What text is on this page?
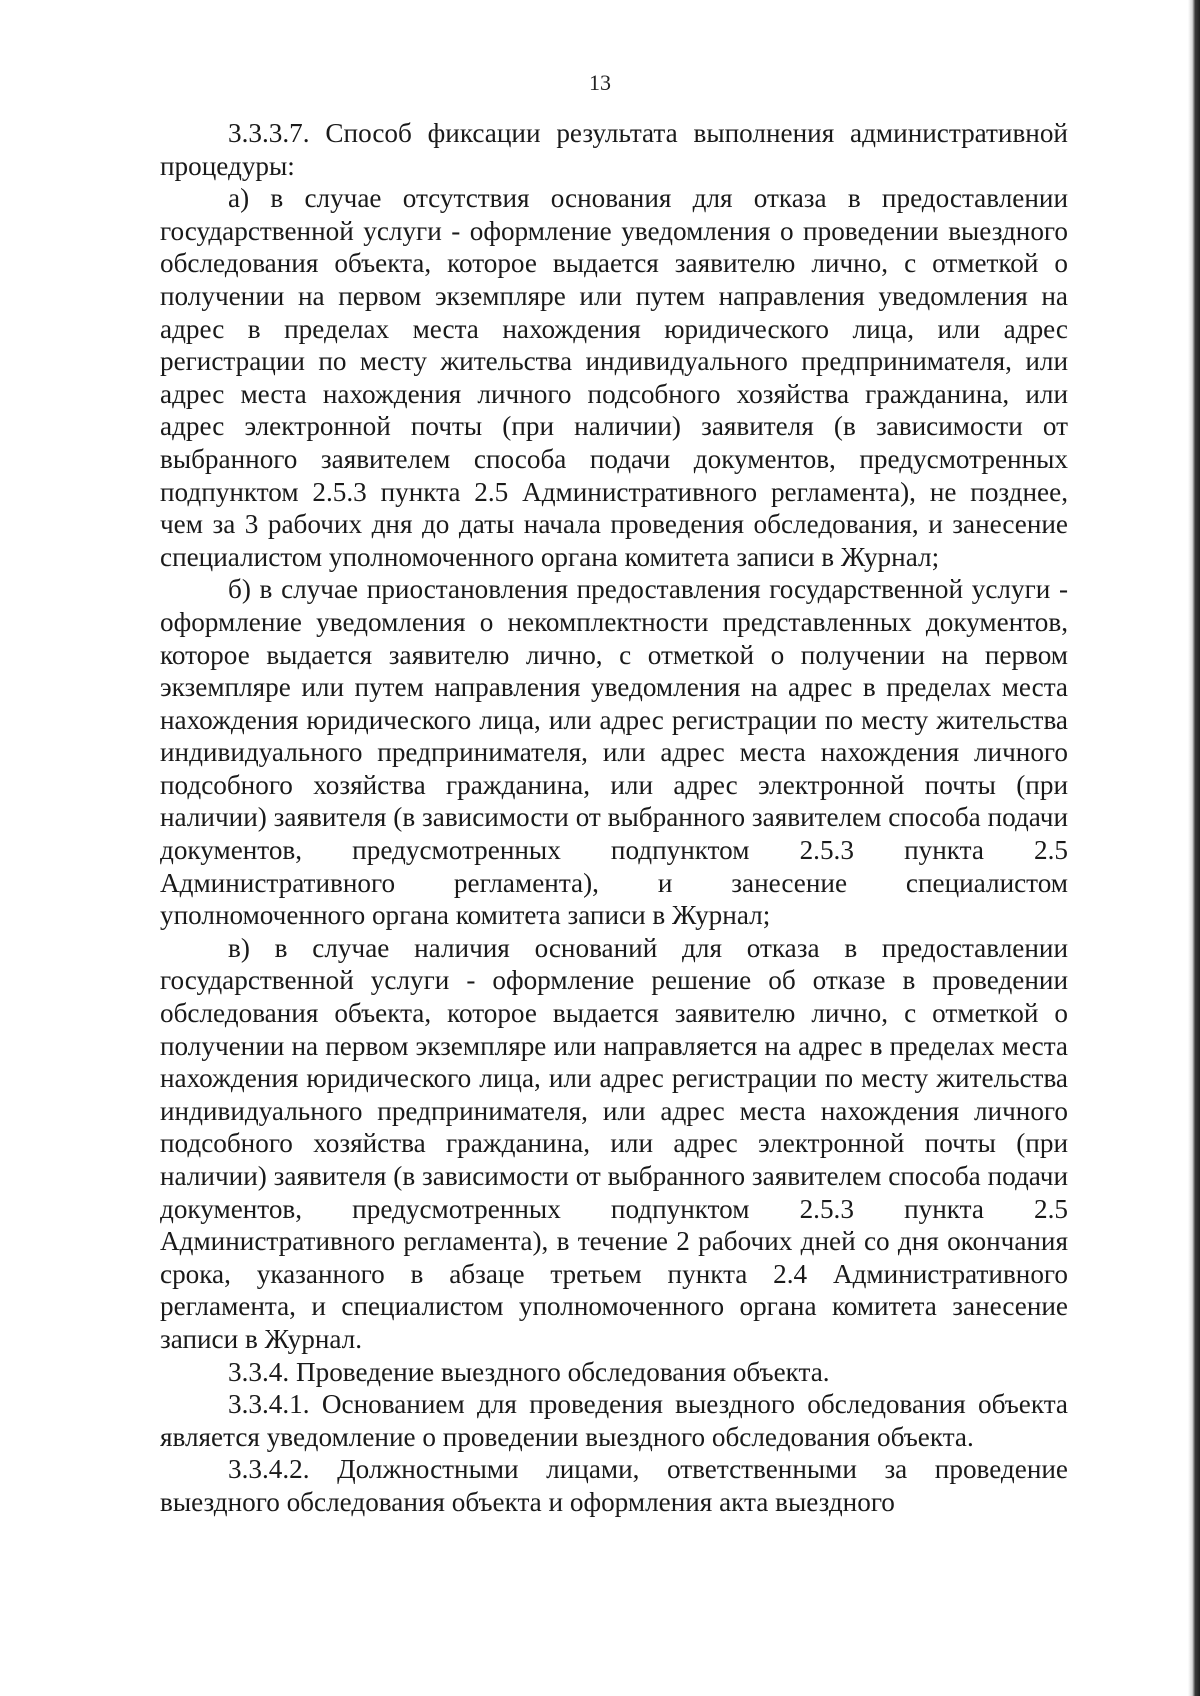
13

3.3.3.7. Способ фиксации результата выполнения административной процедуры:

а) в случае отсутствия основания для отказа в предоставлении государственной услуги - оформление уведомления о проведении выездного обследования объекта, которое выдается заявителю лично, с отметкой о получении на первом экземпляре или путем направления уведомления на адрес в пределах места нахождения юридического лица, или адрес регистрации по месту жительства индивидуального предпринимателя, или адрес места нахождения личного подсобного хозяйства гражданина, или адрес электронной почты (при наличии) заявителя (в зависимости от выбранного заявителем способа подачи документов, предусмотренных подпунктом 2.5.3 пункта 2.5 Административного регламента), не позднее, чем за 3 рабочих дня до даты начала проведения обследования, и занесение специалистом уполномоченного органа комитета записи в Журнал;

б) в случае приостановления предоставления государственной услуги - оформление уведомления о некомплектности представленных документов, которое выдается заявителю лично, с отметкой о получении на первом экземпляре или путем направления уведомления на адрес в пределах места нахождения юридического лица, или адрес регистрации по месту жительства индивидуального предпринимателя, или адрес места нахождения личного подсобного хозяйства гражданина, или адрес электронной почты (при наличии) заявителя (в зависимости от выбранного заявителем способа подачи документов, предусмотренных подпунктом 2.5.3 пункта 2.5 Административного регламента), и занесение специалистом уполномоченного органа комитета записи в Журнал;

в) в случае наличия оснований для отказа в предоставлении государственной услуги - оформление решение об отказе в проведении обследования объекта, которое выдается заявителю лично, с отметкой о получении на первом экземпляре или направляется на адрес в пределах места нахождения юридического лица, или адрес регистрации по месту жительства индивидуального предпринимателя, или адрес места нахождения личного подсобного хозяйства гражданина, или адрес электронной почты (при наличии) заявителя (в зависимости от выбранного заявителем способа подачи документов, предусмотренных подпунктом 2.5.3 пункта 2.5 Административного регламента), в течение 2 рабочих дней со дня окончания срока, указанного в абзаце третьем пункта 2.4 Административного регламента, и специалистом уполномоченного органа комитета занесение записи в Журнал.

3.3.4. Проведение выездного обследования объекта.

3.3.4.1. Основанием для проведения выездного обследования объекта является уведомление о проведении выездного обследования объекта.

3.3.4.2. Должностными лицами, ответственными за проведение выездного обследования объекта и оформления акта выездного
